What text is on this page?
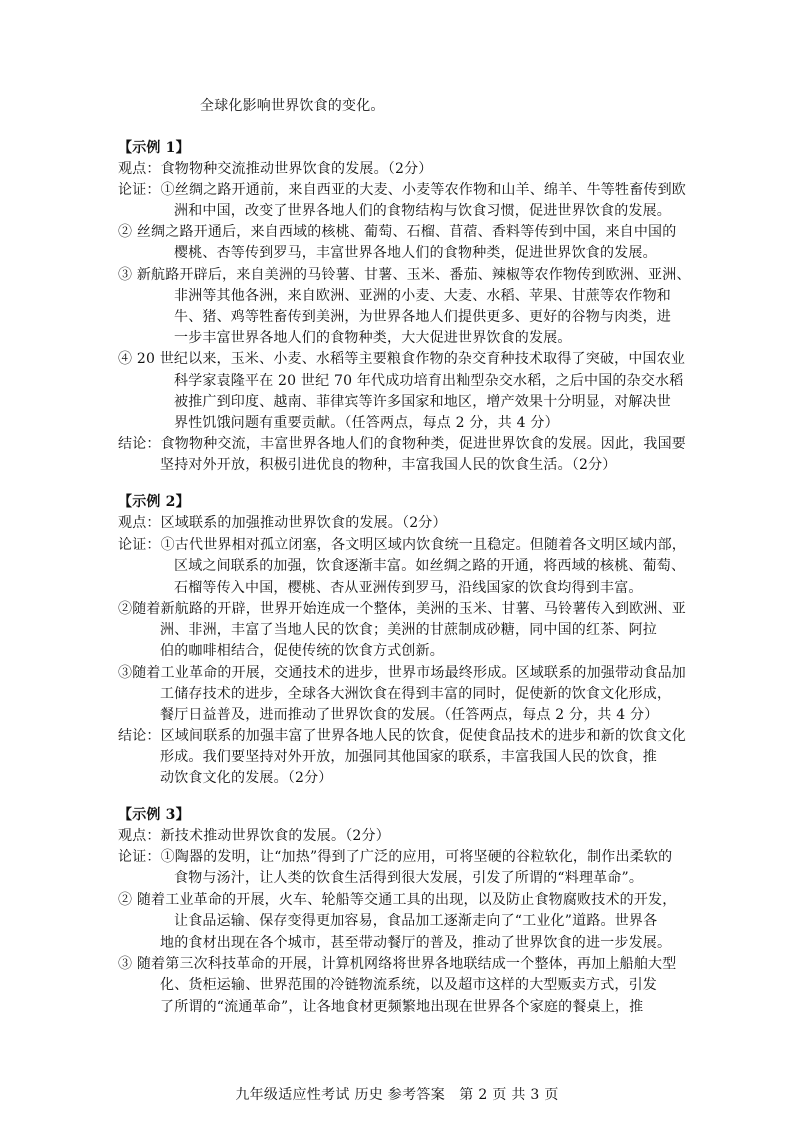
全球化影响世界饮食的变化。
【示例 1】
观点：食物物种交流推动世界饮食的发展。（2分）
论证：①丝绸之路开通前，来自西亚的大麦、小麦等农作物和山羊、绵羊、牛等牲畜传到欧
洲和中国，改变了世界各地人们的食物结构与饮食习惯，促进世界饮食的发展。
② 丝绸之路开通后，来自西域的核桃、葡萄、石榴、苜蓿、香料等传到中国，来自中国的
樱桃、杏等传到罗马，丰富世界各地人们的食物种类，促进世界饮食的发展。
③ 新航路开辟后，来自美洲的马铃薯、甘薯、玉米、番茄、辣椒等农作物传到欧洲、亚洲、
非洲等其他各洲，来自欧洲、亚洲的小麦、大麦、水稻、苹果、甘蔗等农作物和
牛、猪、鸡等牲畜传到美洲，为世界各地人们提供更多、更好的谷物与肉类，进
一步丰富世界各地人们的食物种类，大大促进世界饮食的发展。
④ 20 世纪以来，玉米、小麦、水稻等主要粮食作物的杂交育种技术取得了突破，中国农业
科学家袁隆平在 20 世纪 70 年代成功培育出籼型杂交水稻，之后中国的杂交水稻
被推广到印度、越南、菲律宾等许多国家和地区，增产效果十分明显，对解决世
界性饥饿问题有重要贡献。（任答两点，每点 2 分，共 4 分）
结论：食物物种交流，丰富世界各地人们的食物种类，促进世界饮食的发展。因此，我国要
坚持对外开放，积极引进优良的物种，丰富我国人民的饮食生活。（2分）
【示例 2】
观点：区域联系的加强推动世界饮食的发展。（2分）
论证：①古代世界相对孤立闭塞，各文明区域内饮食统一且稳定。但随着各文明区域内部，
区域之间联系的加强，饮食逐渐丰富。如丝绸之路的开通，将西域的核桃、葡萄、
石榴等传入中国，樱桃、杏从亚洲传到罗马，沿线国家的饮食均得到丰富。
②随着新航路的开辟，世界开始连成一个整体，美洲的玉米、甘薯、马铃薯传入到欧洲、亚
洲、非洲，丰富了当地人民的饮食；美洲的甘蔗制成砂糖，同中国的红茶、阿拉
伯的咖啡相结合，促使传统的饮食方式创新。
③随着工业革命的开展，交通技术的进步，世界市场最终形成。区域联系的加强带动食品加
工储存技术的进步，全球各大洲饮食在得到丰富的同时，促使新的饮食文化形成，
餐厅日益普及，进而推动了世界饮食的发展。（任答两点，每点 2 分，共 4 分）
结论：区域间联系的加强丰富了世界各地人民的饮食，促使食品技术的进步和新的饮食文化
形成。我们要坚持对外开放，加强同其他国家的联系，丰富我国人民的饮食，推
动饮食文化的发展。（2分）
【示例 3】
观点：新技术推动世界饮食的发展。（2分）
论证：①陶器的发明，让“加热”得到了广泛的应用，可将坚硬的谷粒软化，制作出柔软的
食物与汤汁，让人类的饮食生活得到很大发展，引发了所谓的“料理革命”。
② 随着工业革命的开展，火车、轮船等交通工具的出现，以及防止食物腐败技术的开发，
让食品运输、保存变得更加容易，食品加工逐渐走向了“工业化”道路。世界各
地的食材出现在各个城市，甚至带动餐厅的普及，推动了世界饮食的进一步发展。
③ 随着第三次科技革命的开展，计算机网络将世界各地联结成一个整体，再加上船舶大型
化、货柜运输、世界范围的冷链物流系统，以及超市这样的大型贩卖方式，引发
了所谓的“流通革命”，让各地食材更频繁地出现在世界各个家庭的餐桌上，推
九年级适应性考试 历史 参考答案　第 2 页 共 3 页
